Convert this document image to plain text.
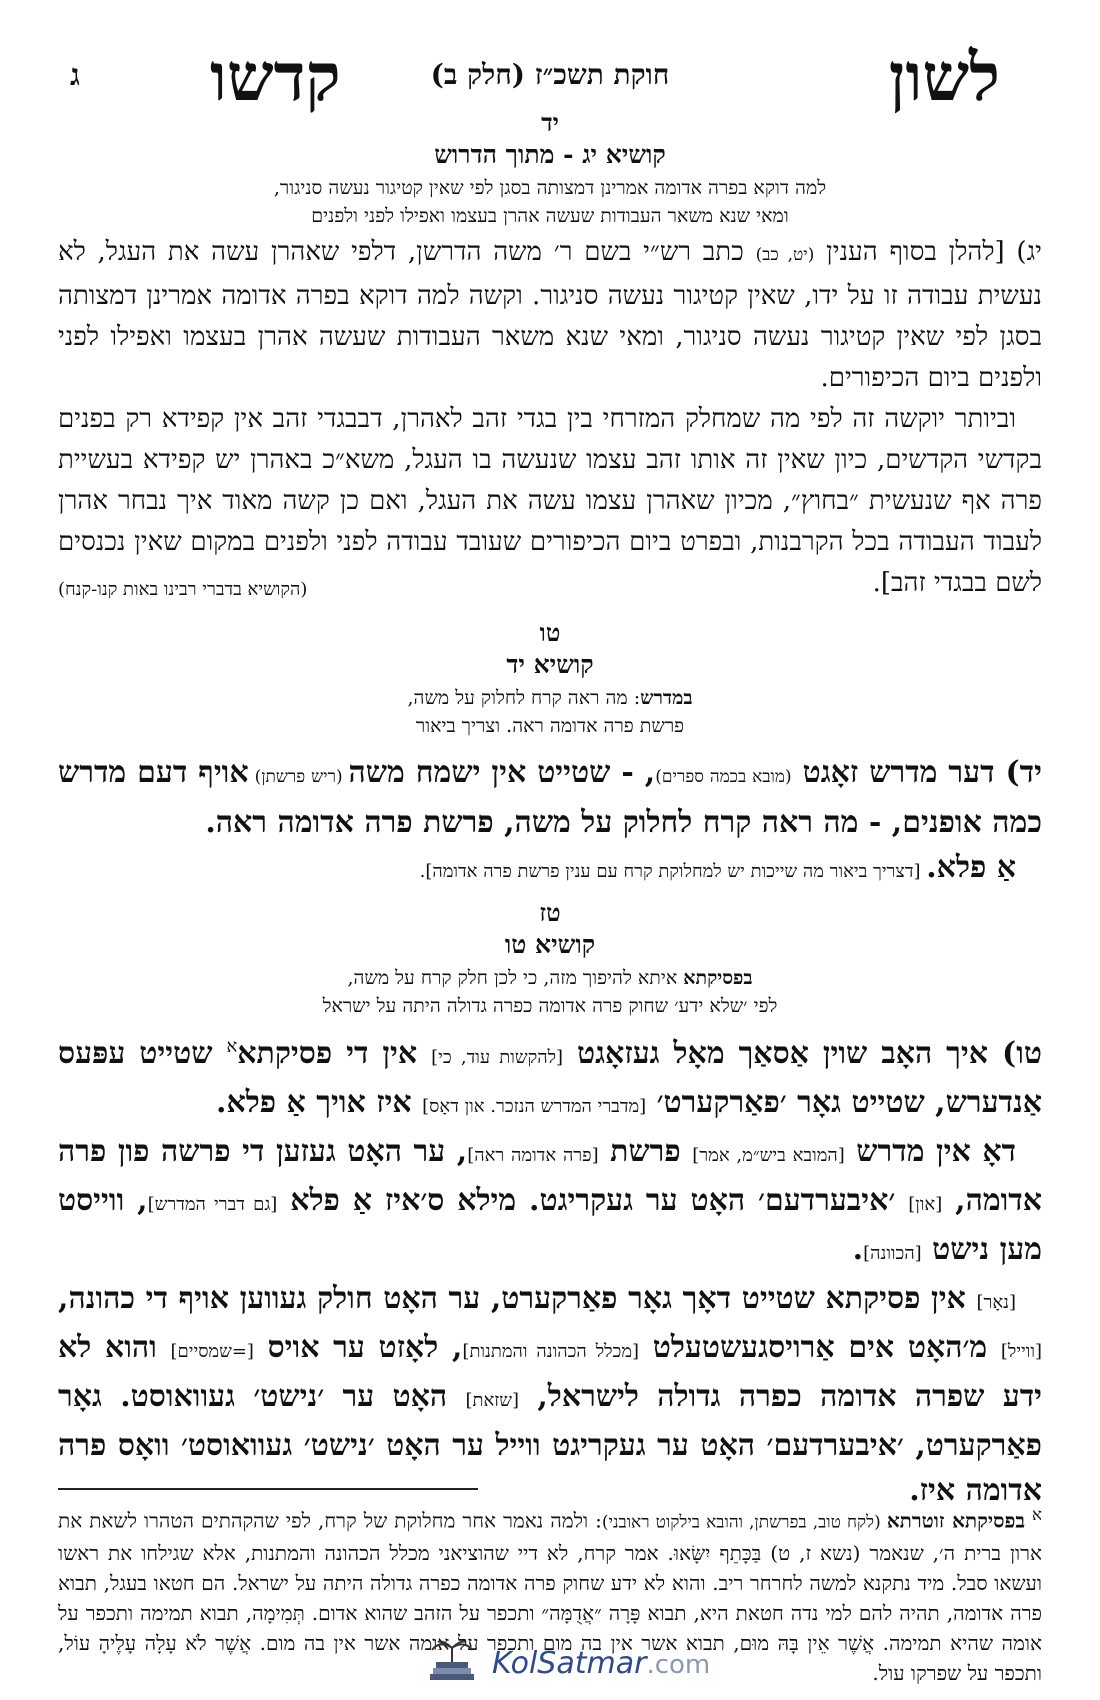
לשון
חוקת תשכ״ז (חלק ב)
קדשו
ג
יד
קושיא יג - מתוך הדרוש
למה דוקא בפרה אדומה אמרינן דמצותה בסגן לפי שאין קטיגור נעשה סניגור,
ומאי שנא משאר העבודות שעשה אהרן בעצמו ואפילו לפני ולפנים
יג) [להלן בסוף הענין (יט, כב) כתב רש״י בשם ר׳ משה הדרשן, דלפי שאהרן עשה את העגל, לא נעשית עבודה זו על ידו, שאין קטיגור נעשה סניגור. וקשה למה דוקא בפרה אדומה אמרינן דמצותה בסגן לפי שאין קטיגור נעשה סניגור, ומאי שנא משאר העבודות שעשה אהרן בעצמו ואפילו לפני ולפנים ביום הכיפורים.
וביותר יוקשה זה לפי מה שמחלק המזרחי בין בגדי זהב לאהרן, דבבגדי זהב אין קפידא רק בפנים בקדשי הקדשים, כיון שאין זה אותו זהב עצמו שנעשה בו העגל, משא״כ באהרן יש קפידא בעשיית פרה אף שנעשית ״בחוץ״, מכיון שאהרן עצמו עשה את העגל, ואם כן קשה מאוד איך נבחר אהרן לעבוד העבודה בכל הקרבנות, ובפרט ביום הכיפורים שעובד עבודה לפני ולפנים במקום שאין נכנסים לשם בבגדי זהב].
(הקושיא בדברי רבינו באות קנו-קנח)
טו
קושיא יד
במדרש: מה ראה קרח לחלוק על משה,
פרשת פרה אדומה ראה. וצריך ביאור
יד) דער מדרש זאָגט (מובא בכמה ספרים), - שטייט אין ישמח משה (ריש פרשתן) אויף דעם מדרש כמה אופנים, - מה ראה קרח לחלוק על משה, פרשת פרה אדומה ראה.
אַ פלא. [דצריך ביאור מה שייכות יש למחלוקת קרח עם ענין פרשת פרה אדומה].
טז
קושיא טו
בפסיקתא איתא להיפוך מזה, כי לכן חלק קרח על משה,
לפי ׳שלא ידע׳ שחוק פרה אדומה כפרה גדולה היתה על ישראל
טו) איך האָב שוין אַסאַך מאָל געזאָגט [להקשות עוד, כי] אין די פסיקתא$^א$ שטייט עפּעס אַנדערש, שטייט גאָר ׳פאַרקערט׳ [מדברי המדרש הנזכר. און דאָס] איז אויך אַ פלא.
דאָ אין מדרש [המובא ביש״מ, אמר] פרשת [פרה אדומה ראה], ער האָט געזען די פרשה פון פרה אדומה, [און] ׳איבערדעם׳ האָט ער געקריגט. מילא ס׳איז אַ פלא [גם דברי המדרש], ווייסט מען נישט [הכוונה].
[נאָר] אין פסיקתא שטייט דאָך גאָר פאַרקערט, ער האָט חולק געווען אויף די כהונה, [ווייל] מ׳האָט אים אַרויסגעשטעלט [מכלל הכהונה והמתנות], לאָזט ער אויס [=שמסיים] והוא לא ידע שפרה אדומה כפרה גדולה לישראל, [שזאת] האָט ער ׳נישט׳ געוואוסט. גאָר פאַרקערט, ׳איבערדעם׳ האָט ער געקריגט ווייל ער האָט ׳נישט׳ געוואוסט׳ וואָס פרה אדומה איז.
$^א$ בפסיקתא זוטרתא (לקח טוב, בפרשתן, והובא בילקוט ראובני): ולמה נאמר אחר מחלוקת של קרח, לפי שהקהתים הטהרו לשאת את ארון ברית ה׳, שנאמר (נשא ז, ט) בַּכָּתֵף יִשָּׂאוּ. אמר קרח, לא דיי שהוציאני מכלל הכהונה והמתנות, אלא שגילחו את ראשו ועשאו סבל. מיד נתקנא למשה לחרחר ריב. והוא לא ידע שחוק פרה אדומה כפרה גדולה היתה על ישראל. הם חטאו בעגל, תבוא פרה אדומה, תהיה להם למי נדה חטאת היא, תבוא פָּרָה ״אֲדֻמָּה״ ותכפר על הזהב שהוא אדום. תְּמִימָה, תבוא תמימה ותכפר על אומה שהיא תמימה. אֲשֶׁר אֵין בָּהּ מוּם, תבוא אשר אין בה מום ותכפר על אומה אשר אין בה מום. אֲשֶׁר לֹא עָלָה עָלֶיהָ עוֹל, ותכפר על שפרקו עול.
KolSatmar.com
